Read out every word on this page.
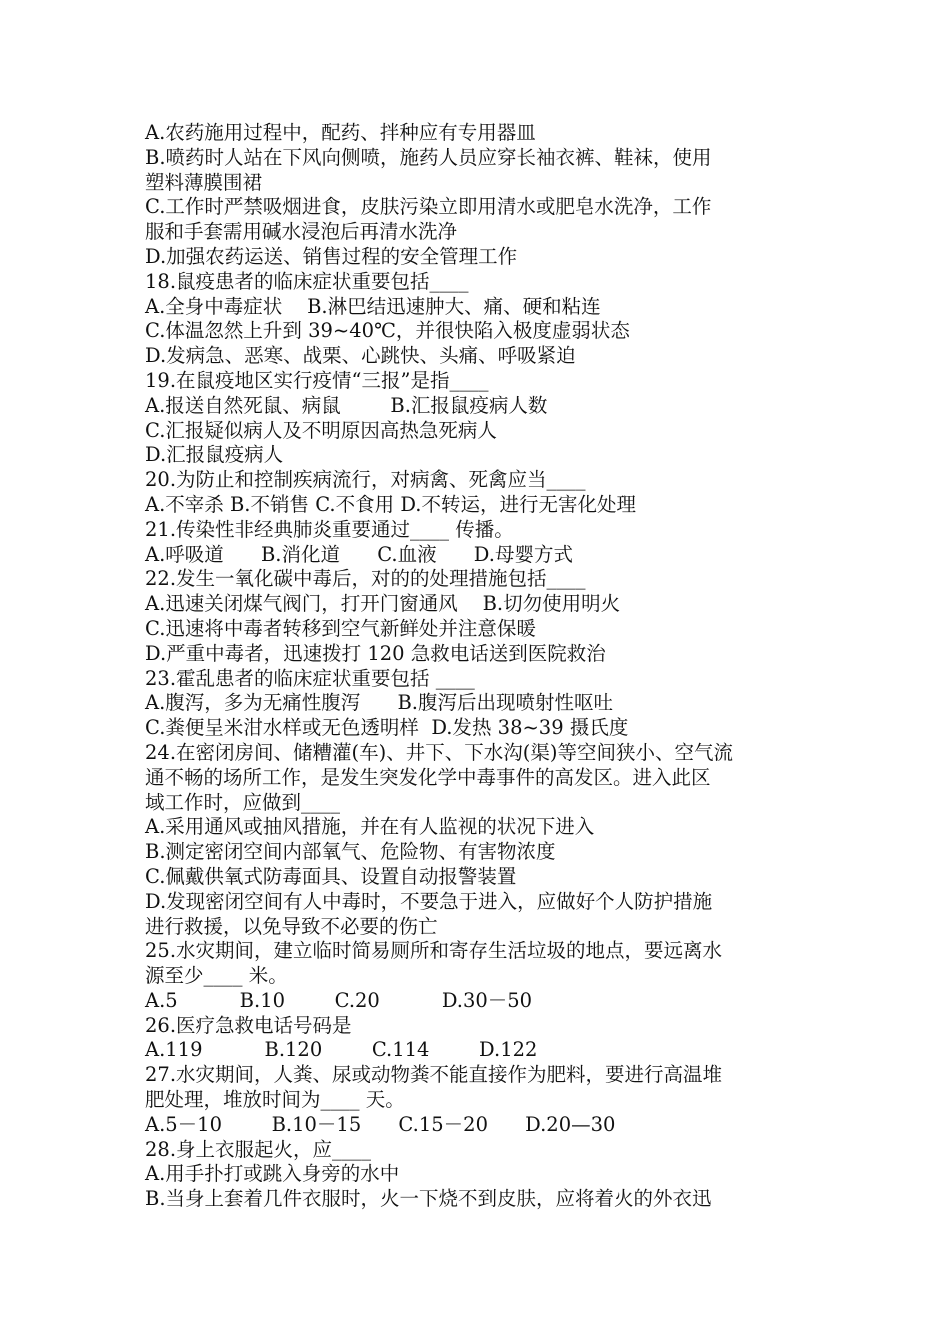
A.农药施用过程中，配药、拌种应有专用器皿
B.喷药时人站在下风向侧喷，施药人员应穿长袖衣裤、鞋袜，使用
塑料薄膜围裙
C.工作时严禁吸烟进食，皮肤污染立即用清水或肥皂水洗净，工作
服和手套需用碱水浸泡后再清水洗净
D.加强农药运送、销售过程的安全管理工作
18.鼠疫患者的临床症状重要包括____
A.全身中毒症状    B.淋巴结迅速肿大、痛、硬和粘连
C.体温忽然上升到 39~40℃，并很快陷入极度虚弱状态
D.发病急、恶寒、战栗、心跳快、头痛、呼吸紧迫
19.在鼠疫地区实行疫情“三报”是指____
A.报送自然死鼠、病鼠        B.汇报鼠疫病人数
C.汇报疑似病人及不明原因高热急死病人
D.汇报鼠疫病人
20.为防止和控制疾病流行，对病禽、死禽应当____
A.不宰杀 B.不销售 C.不食用 D.不转运，进行无害化处理
21.传染性非经典肺炎重要通过____ 传播。
A.呼吸道      B.消化道      C.血液      D.母婴方式
22.发生一氧化碳中毒后，对的的处理措施包括____
A.迅速关闭煤气阀门，打开门窗通风    B.切勿使用明火
C.迅速将中毒者转移到空气新鲜处并注意保暖
D.严重中毒者，迅速拨打 120 急救电话送到医院救治
23.霍乱患者的临床症状重要包括 ____
A.腹泻，多为无痛性腹泻      B.腹泻后出现喷射性呕吐
C.粪便呈米泔水样或无色透明样  D.发热 38~39 摄氏度
24.在密闭房间、储糟灌(车)、井下、下水沟(渠)等空间狭小、空气流
通不畅的场所工作，是发生突发化学中毒事件的高发区。进入此区
域工作时，应做到____
A.采用通风或抽风措施，并在有人监视的状况下进入
B.测定密闭空间内部氧气、危险物、有害物浓度
C.佩戴供氧式防毒面具、设置自动报警装置
D.发现密闭空间有人中毒时，不要急于进入，应做好个人防护措施
进行救援，以免导致不必要的伤亡
25.水灾期间，建立临时简易厕所和寄存生活垃圾的地点，要远离水
源至少____ 米。
A.5          B.10        C.20          D.30－50
26.医疗急救电话号码是
A.119          B.120        C.114        D.122
27.水灾期间，人粪、尿或动物粪不能直接作为肥料，要进行高温堆
肥处理，堆放时间为____ 天。
A.5－10        B.10－15      C.15－20      D.20—30
28.身上衣服起火，应____
A.用手扑打或跳入身旁的水中
B.当身上套着几件衣服时，火一下烧不到皮肤，应将着火的外衣迅
